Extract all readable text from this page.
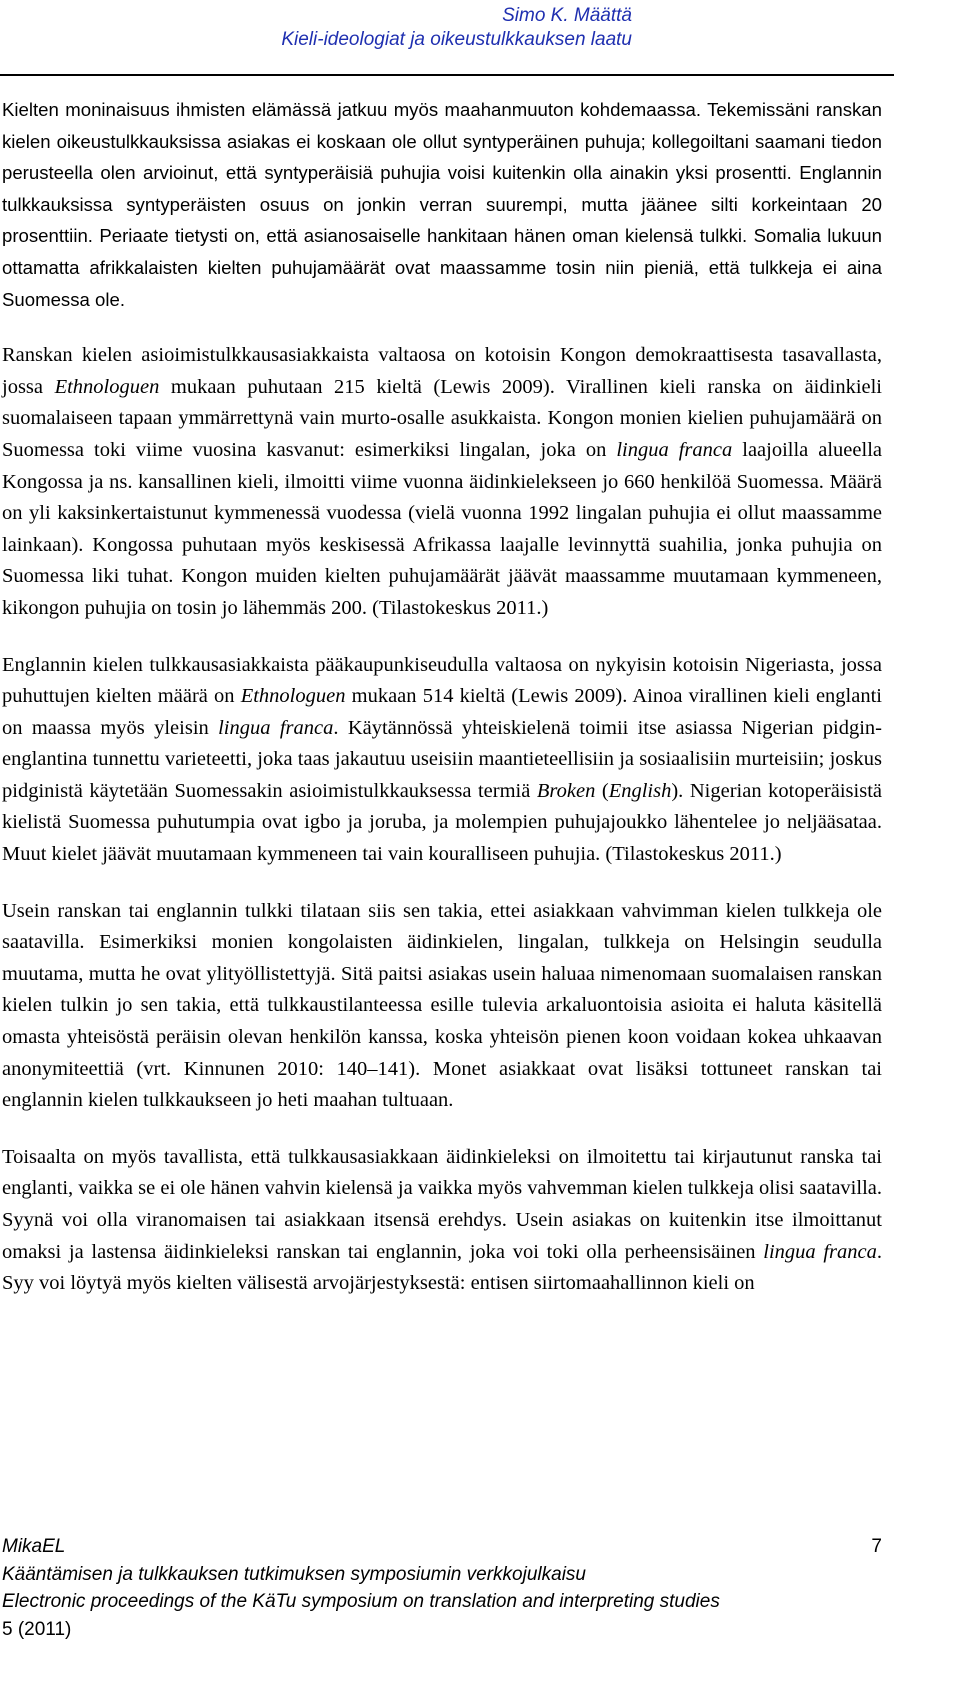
Simo K. Määttä
Kieli-ideologiat ja oikeustulkkauksen laatu

Kielten moninaisuus ihmisten elämässä jatkuu myös maahanmuuton kohdemaassa. Tekemissäni ranskan kielen oikeustulkkauksissa asiakas ei koskaan ole ollut syntyperäinen puhuja; kollegoiltani saamani tiedon perusteella olen arvioinut, että syntyperäisiä puhujia voisi kuitenkin olla ainakin yksi prosentti. Englannin tulkkauksissa syntyperäisten osuus on jonkin verran suurempi, mutta jäänee silti korkeintaan 20 prosenttiin. Periaate tietysti on, että asianosaiselle hankitaan hänen oman kielensä tulkki. Somalia lukuun ottamatta afrikkalaisten kielten puhujamäärät ovat maassamme tosin niin pieniä, että tulkkeja ei aina Suomessa ole.

Ranskan kielen asioimistulkkausasiakkaista valtaosa on kotoisin Kongon demokraattisesta tasavallasta, jossa Ethnologuen mukaan puhutaan 215 kieltä (Lewis 2009). Virallinen kieli ranska on äidinkieli suomalaiseen tapaan ymmärrettynä vain murto-osalle asukkaista. Kongon monien kielien puhujamäärä on Suomessa toki viime vuosina kasvanut: esimerkiksi lingalan, joka on lingua franca laajoilla alueella Kongossa ja ns. kansallinen kieli, ilmoitti viime vuonna äidinkielekseen jo 660 henkilöä Suomessa. Määrä on yli kaksinkertaistunut kymmenessä vuodessa (vielä vuonna 1992 lingalan puhujia ei ollut maassamme lainkaan). Kongossa puhutaan myös keskisessä Afrikassa laajalle levinnyttä suahilia, jonka puhujia on Suomessa liki tuhat. Kongon muiden kielten puhujamäärät jäävät maassamme muutamaan kymmeneen, kikongon puhujia on tosin jo lähemmäs 200. (Tilastokeskus 2011.)

Englannin kielen tulkkausasiakkaista pääkaupunkiseudulla valtaosa on nykyisin kotoisin Nigeriasta, jossa puhuttujen kielten määrä on Ethnologuen mukaan 514 kieltä (Lewis 2009). Ainoa virallinen kieli englanti on maassa myös yleisin lingua franca. Käytännössä yhteiskielenä toimii itse asiassa Nigerian pidgin-englantina tunnettu varieteetti, joka taas jakautuu useisiin maantieteellisiin ja sosiaalisiin murteisiin; joskus pidginistä käytetään Suomessakin asioimistulkkauksessa termiä Broken (English). Nigerian kotoperäisistä kielistä Suomessa puhutumpia ovat igbo ja joruba, ja molempien puhujajoukko lähentelee jo neljääsataa. Muut kielet jäävät muutamaan kymmeneen tai vain kouralliseen puhujia. (Tilastokeskus 2011.)

Usein ranskan tai englannin tulkki tilataan siis sen takia, ettei asiakkaan vahvimman kielen tulkkeja ole saatavilla. Esimerkiksi monien kongolaisten äidinkielen, lingalan, tulkkeja on Helsingin seudulla muutama, mutta he ovat ylityöllistettyjä. Sitä paitsi asiakas usein haluaa nimenomaan suomalaisen ranskan kielen tulkin jo sen takia, että tulkkaustilanteessa esille tulevia arkaluontoisia asioita ei haluta käsitellä omasta yhteisöstä peräisin olevan henkilön kanssa, koska yhteisön pienen koon voidaan kokea uhkaavan anonymiteettiä (vrt. Kinnunen 2010: 140–141). Monet asiakkaat ovat lisäksi tottuneet ranskan tai englannin kielen tulkkaukseen jo heti maahan tultuaan.

Toisaalta on myös tavallista, että tulkkausasiakkaan äidinkieleksi on ilmoitettu tai kirjautunut ranska tai englanti, vaikka se ei ole hänen vahvin kielensä ja vaikka myös vahvemman kielen tulkkeja olisi saatavilla. Syynä voi olla viranomaisen tai asiakkaan itsensä erehdys. Usein asiakas on kuitenkin itse ilmoittanut omaksi ja lastensa äidinkieleksi ranskan tai englannin, joka voi toki olla perheensisäinen lingua franca. Syy voi löytyä myös kielten välisestä arvojärjestyksestä: entisen siirtomaahallinnon kieli on

MikaEL	7
Kääntämisen ja tulkkauksen tutkimuksen symposiumin verkkojulkaisu
Electronic proceedings of the KäTu symposium on translation and interpreting studies
5 (2011)
